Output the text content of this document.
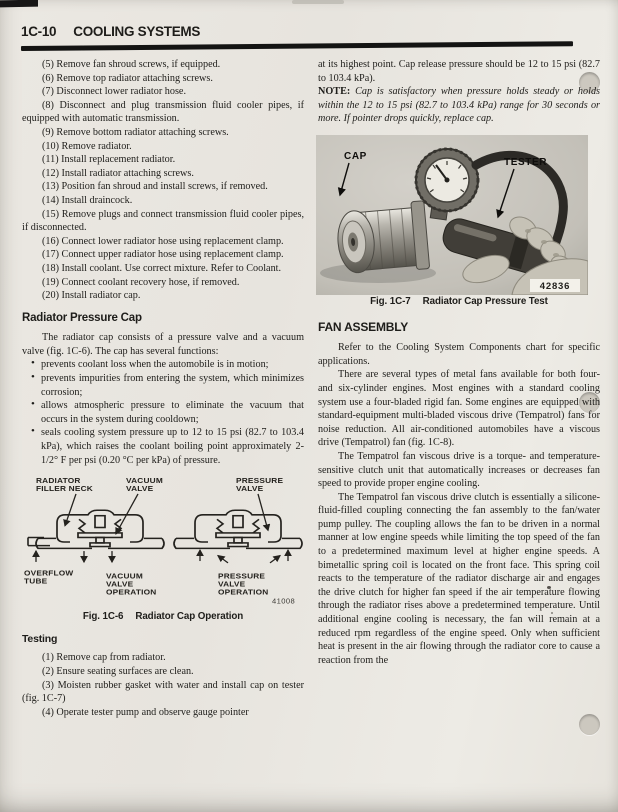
1C-10 COOLING SYSTEMS

(5) Remove fan shroud screws, if equipped.

(6) Remove top radiator attaching screws.

(7) Disconnect lower radiator hose.

(8) Disconnect and plug transmission fluid cooler pipes, if equipped with automatic transmission.

(9) Remove bottom radiator attaching screws.

(10) Remove radiator.

(11) Install replacement radiator.

(12) Install radiator attaching screws.

(13) Position fan shroud and install screws, if removed.

(14) Install draincock.

(15) Remove plugs and connect transmission fluid cooler pipes, if disconnected.

(16) Connect lower radiator hose using replacement clamp.

(17) Connect upper radiator hose using replacement clamp.

(18) Install coolant. Use correct mixture. Refer to Coolant.

(19) Connect coolant recovery hose, if removed.

(20) Install radiator cap.

Radiator Pressure Cap

The radiator cap consists of a pressure valve and a vacuum valve (fig. 1C-6). The cap has several functions:

• prevents coolant loss when the automobile is in motion;

• prevents impurities from entering the system, which minimizes corrosion;

• allows atmospheric pressure to eliminate the vacuum that occurs in the system during cooldown;

• seals cooling system pressure up to 12 to 15 psi (82.7 to 103.4 kPa), which raises the coolant boiling point approximately 2-1/2° F per psi (0.20 °C per kPa) of pressure.

RADIATOR
FILLER NECK
VACUUM
VALVE
PRESSURE
VALVE
OVERFLOW
TUBE
VACUUM
VALVE
OPERATION
PRESSURE
VALVE
OPERATION
41008

Fig. 1C-6 Radiator Cap Operation

Testing

(1) Remove cap from radiator.

(2) Ensure seating surfaces are clean.

(3) Moisten rubber gasket with water and install cap on tester (fig. 1C-7)

(4) Operate tester pump and observe gauge pointer

at its highest point. Cap release pressure should be 12 to 15 psi (82.7 to 103.4 kPa).

NOTE: Cap is satisfactory when pressure holds steady or holds within the 12 to 15 psi (82.7 to 103.4 kPa) range for 30 seconds or more. If pointer drops quickly, replace cap.

CAP
TESTER
42836

Fig. 1C-7 Radiator Cap Pressure Test

FAN ASSEMBLY

Refer to the Cooling System Components chart for specific applications.

There are several types of metal fans available for both four- and six-cylinder engines. Most engines with a standard cooling system use a four-bladed rigid fan. Some engines are equipped with standard-equipment multi-bladed viscous drive (Tempatrol) fans for noise reduction. All air-conditioned automobiles have a viscous drive (Tempatrol) fan (fig. 1C-8).

The Tempatrol fan viscous drive is a torque- and temperature-sensitive clutch unit that automatically increases or decreases fan speed to provide proper engine cooling.

The Tempatrol fan viscous drive clutch is essentially a silicone-fluid-filled coupling connecting the fan assembly to the fan/water pump pulley. The coupling allows the fan to be driven in a normal manner at low engine speeds while limiting the top speed of the fan to a predetermined maximum level at higher engine speeds. A bimetallic spring coil is located on the front face. This spring coil reacts to the temperature of the radiator discharge air and engages the drive clutch for higher fan speed if the air temperature flowing through the radiator rises above a predetermined temperature. Until additional engine cooling is necessary, the fan will remain at a reduced rpm regardless of the engine speed. Only when sufficient heat is present in the air flowing through the radiator core to cause a reaction from the
